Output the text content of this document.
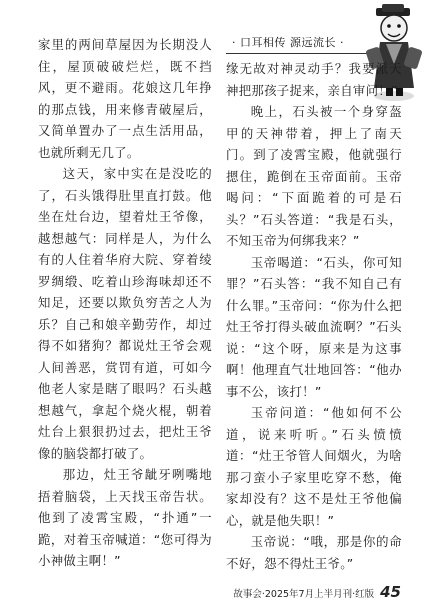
· 口耳相传 源远流长 ·

家里的两间草屋因为长期没人住，屋顶破破烂烂，既不挡风，更不避雨。花娘这几年挣的那点钱，用来修青破屋后，又简单置办了一点生活用品，也就所剩无几了。

这天，家中实在是没吃的了，石头饿得肚里直打鼓。他坐在灶台边，望着灶王爷像，越想越气：同样是人，为什么有的人住着华府大院、穿着绫罗绸缎、吃着山珍海味却还不知足，还要以欺负穷苦之人为乐？自己和娘辛勤劳作，却过得不如猪狗？都说灶王爷会观人间善恶，赏罚有道，可如今他老人家是瞎了眼吗？石头越想越气，拿起个烧火棍，朝着灶台上狠狠扔过去，把灶王爷像的脑袋都打破了。

那边，灶王爷龇牙咧嘴地捂着脑袋，上天找玉帝告状。他到了凌霄宝殿，“扑通”一跪，对着玉帝喊道：“您可得为小神做主啊！”

缘无故对神灵动手？我要派天神把那孩子捉来，亲自审问！”

晚上，石头被一个身穿盔甲的天神带着，押上了南天门。到了凌霄宝殿，他就强行摁住，跪倒在玉帝面前。玉帝喝问：“下面跪着的可是石头？”石头答道：“我是石头，不知玉帝为何绑我来？”

玉帝喝道：“石头，你可知罪？”石头答：“我不知自己有什么罪。”玉帝问：“你为什么把灶王爷打得头破血流啊？”石头说：“这个呀，原来是为这事啊！他理直气壮地回答：“他办事不公，该打！”

玉帝问道：“他如何不公道，说来听听。”石头愤愤道：“灶王爷管人间烟火，为啥那刁蛮小子家里吃穿不愁，俺家却没有？这不是灶王爷他偏心，就是他失职！”

玉帝说：“哦，那是你的命不好，怨不得灶王爷。”

故事会·2025年7月上半月刊·红版 45
